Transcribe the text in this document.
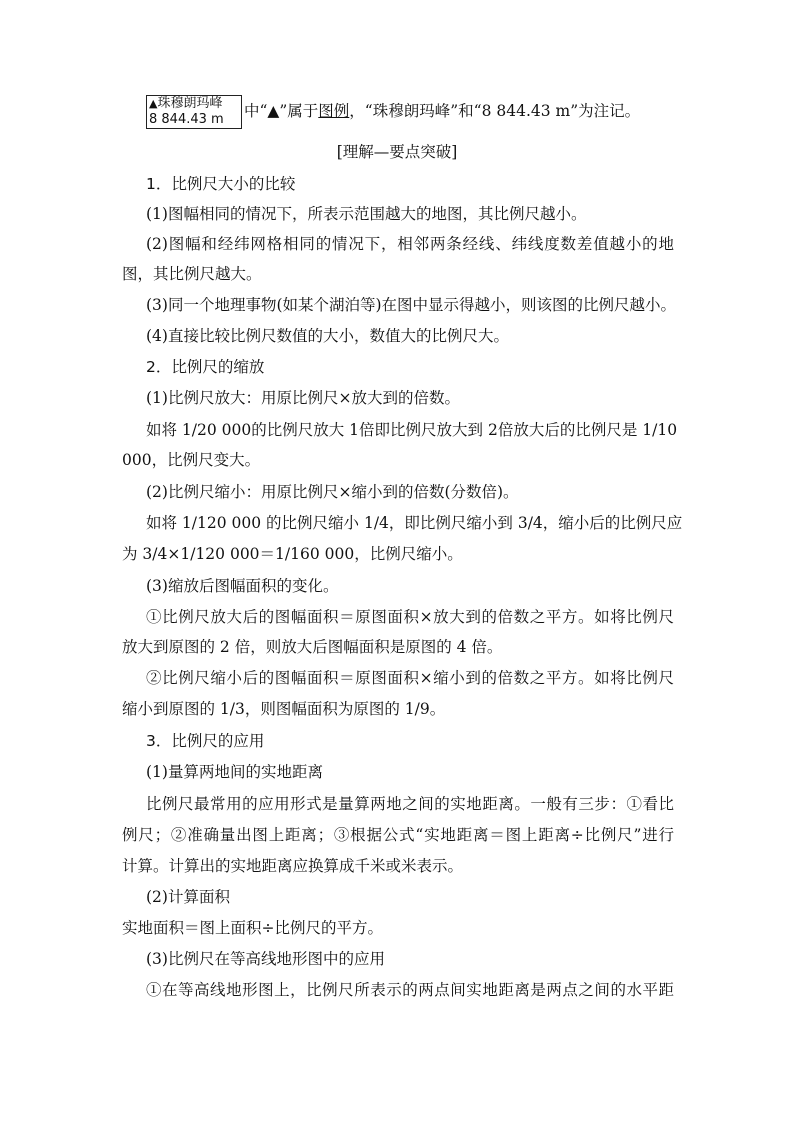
▲珠穆朗玛峰
8 844.43 m	中“▲”属于图例，“珠穆朗玛峰”和“8 844.43 m”为注记。
[理解—要点突破]
1．比例尺大小的比较
(1)图幅相同的情况下，所表示范围越大的地图，其比例尺越小。
(2)图幅和经纬网格相同的情况下，相邻两条经线、纬线度数差值越小的地
图，其比例尺越大。
(3)同一个地理事物(如某个湖泊等)在图中显示得越小，则该图的比例尺越小。
(4)直接比较比例尺数值的大小，数值大的比例尺大。
2．比例尺的缩放
(1)比例尺放大：用原比例尺×放大到的倍数。
如将 1/20 000的比例尺放大 1倍即比例尺放大到 2倍放大后的比例尺是 1/10
000，比例尺变大。
(2)比例尺缩小：用原比例尺×缩小到的倍数(分数倍)。
如将 1/120 000 的比例尺缩小 1/4，即比例尺缩小到 3/4，缩小后的比例尺应
为 3/4×1/120 000＝1/160 000，比例尺缩小。
(3)缩放后图幅面积的变化。
①比例尺放大后的图幅面积＝原图面积×放大到的倍数之平方。如将比例尺
放大到原图的 2 倍，则放大后图幅面积是原图的 4 倍。
②比例尺缩小后的图幅面积＝原图面积×缩小到的倍数之平方。如将比例尺
缩小到原图的 1/3，则图幅面积为原图的 1/9。
3．比例尺的应用
(1)量算两地间的实地距离
比例尺最常用的应用形式是量算两地之间的实地距离。一般有三步：①看比
例尺；②准确量出图上距离；③根据公式“实地距离＝图上距离÷比例尺”进行
计算。计算出的实地距离应换算成千米或米表示。
(2)计算面积
实地面积＝图上面积÷比例尺的平方。
(3)比例尺在等高线地形图中的应用
①在等高线地形图上，比例尺所表示的两点间实地距离是两点之间的水平距
